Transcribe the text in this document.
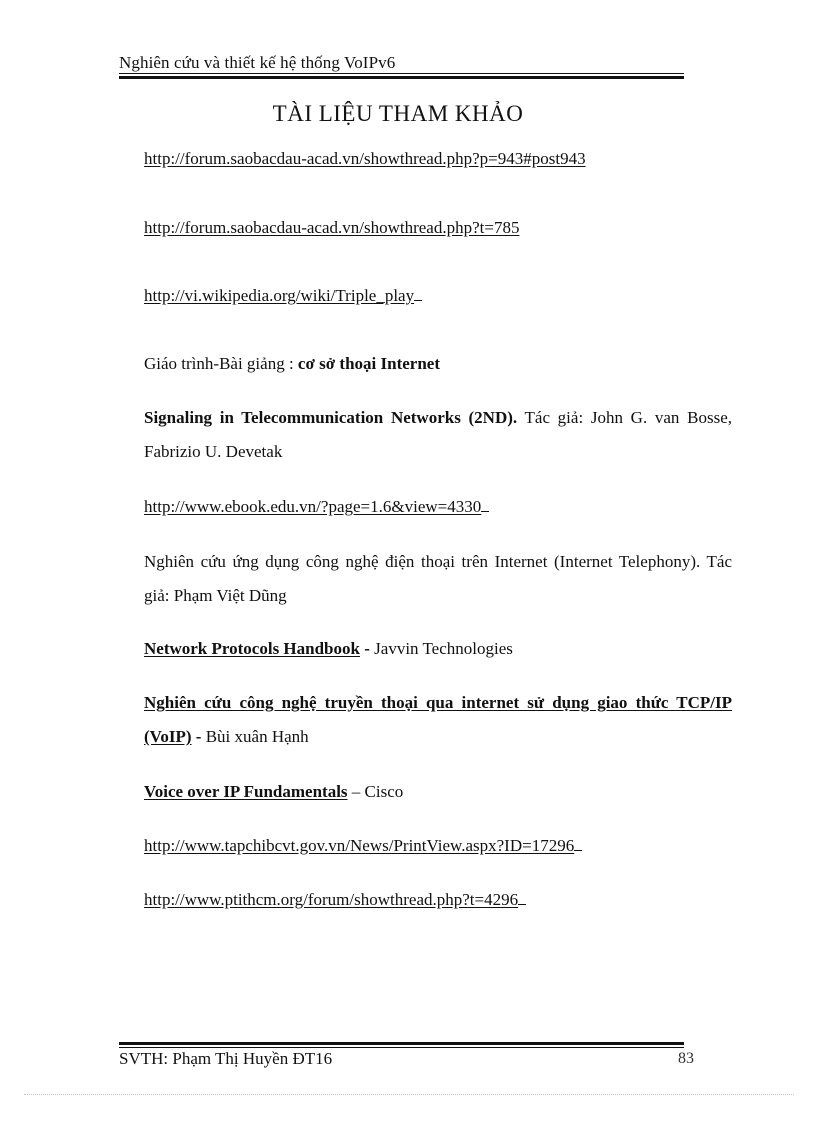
Nghiên cứu và thiết kế hệ thống VoIPv6
TÀI LIỆU THAM KHẢO
http://forum.saobacdau-acad.vn/showthread.php?p=943#post943
http://forum.saobacdau-acad.vn/showthread.php?t=785
http://vi.wikipedia.org/wiki/Triple_play
Giáo trình-Bài giảng : cơ sở thoại Internet
Signaling in Telecommunication Networks (2ND). Tác giả: John G. van Bosse, Fabrizio U. Devetak
http://www.ebook.edu.vn/?page=1.6&view=4330
Nghiên cứu ứng dụng công nghệ điện thoại trên Internet (Internet Telephony). Tác giả: Phạm Việt Dũng
Network Protocols Handbook - Javvin Technologies
Nghiên cứu công nghệ truyền thoại qua internet sử dụng giao thức TCP/IP (VoIP) - Bùi xuân Hạnh
Voice over IP Fundamentals – Cisco
http://www.tapchibcvt.gov.vn/News/PrintView.aspx?ID=17296
http://www.ptithcm.org/forum/showthread.php?t=4296
SVTH: Phạm Thị Huyền ĐT16	83
